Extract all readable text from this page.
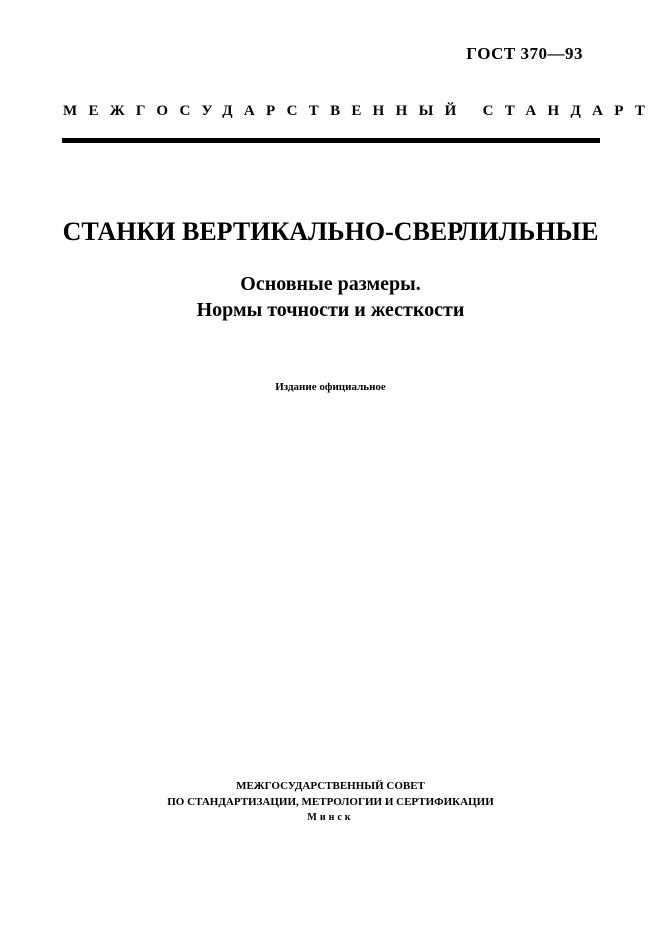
ГОСТ 370—93
МЕЖГОСУДАРСТВЕННЫЙ СТАНДАРТ
СТАНКИ ВЕРТИКАЛЬНО-СВЕРЛИЛЬНЫЕ
Основные размеры.
Нормы точности и жесткости
Издание официальное
МЕЖГОСУДАРСТВЕННЫЙ СОВЕТ
ПО СТАНДАРТИЗАЦИИ, МЕТРОЛОГИИ И СЕРТИФИКАЦИИ
Минск
